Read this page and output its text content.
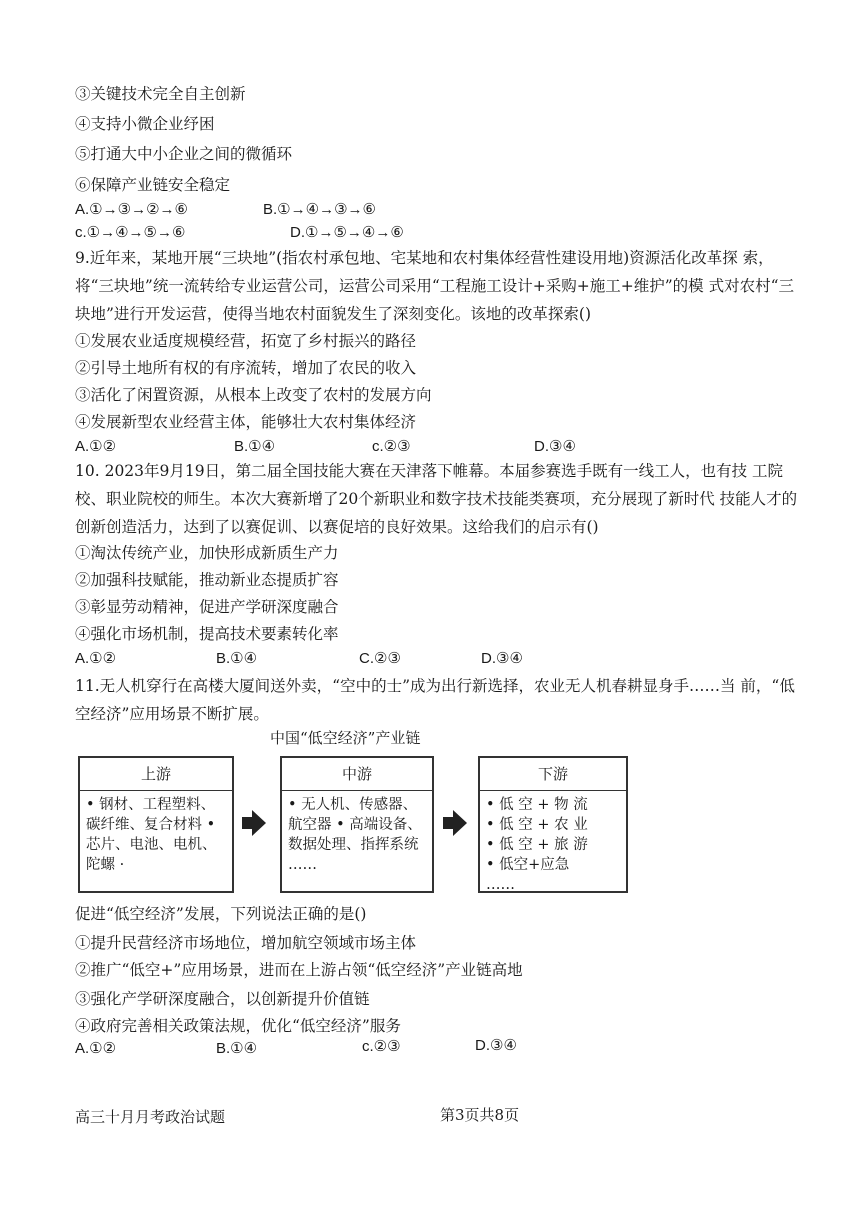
③关键技术完全自主创新
④支持小微企业纾困
⑤打通大中小企业之间的微循环
⑥保障产业链安全稳定
A.①→③→②→⑥	B.①→④→③→⑥
c.①→④→⑤→⑥	D.①→⑤→④→⑥
9.近年来，某地开展“三块地”(指农村承包地、宅某地和农村集体经营性建设用地)资源活化改革探 索，将“三块地”统一流转给专业运营公司，运营公司采用“工程施工设计+采购+施工+维护”的模 式对农村“三块地”进行开发运营，使得当地农村面貌发生了深刻变化。该地的改革探索()
①发展农业适度规模经营，拓宽了乡村振兴的路径
②引导土地所有权的有序流转，增加了农民的收入
③活化了闲置资源，从根本上改变了农村的发展方向
④发展新型农业经营主体，能够壮大农村集体经济
A.①②	B.①④	c.②③	D.③④
10. 2023年9月19日，第二届全国技能大赛在天津落下帷幕。本届参赛选手既有一线工人，也有技 工院校、职业院校的师生。本次大赛新增了20个新职业和数字技术技能类赛项，充分展现了新时代 技能人才的创新创造活力，达到了以赛促训、以赛促培的良好效果。这给我们的启示有()
①淘汰传统产业，加快形成新质生产力
②加强科技赋能，推动新业态提质扩容
③彰显劳动精神，促进产学研深度融合
④强化市场机制，提高技术要素转化率
A.①②	B.①④	C.②③	D.③④
11.无人机穿行在高楼大厦间送外卖，“空中的士”成为出行新选择，农业无人机春耕显身手……当 前，“低空经济”应用场景不断扩展。
中国“低空经济”产业链
上游
• 钢材、工程塑料、碳纤维、复合材料 • 芯片、电池、电机、陀螺 ·
中游
• 无人机、传感器、航空器 • 高端设备、数据处理、指挥系统 ……
下游
• 低 空 + 物 流
• 低 空 + 农 业
• 低 空 + 旅 游
• 低空+应急
……
促进“低空经济”发展，下列说法正确的是()
①提升民营经济市场地位，增加航空领域市场主体
②推广“低空+”应用场景，进而在上游占领“低空经济”产业链高地
③强化产学研深度融合，以创新提升价值链
④政府完善相关政策法规，优化“低空经济”服务
A.①②	B.①④	c.②③	D.③④
高三十月月考政治试题	第3页共8页
